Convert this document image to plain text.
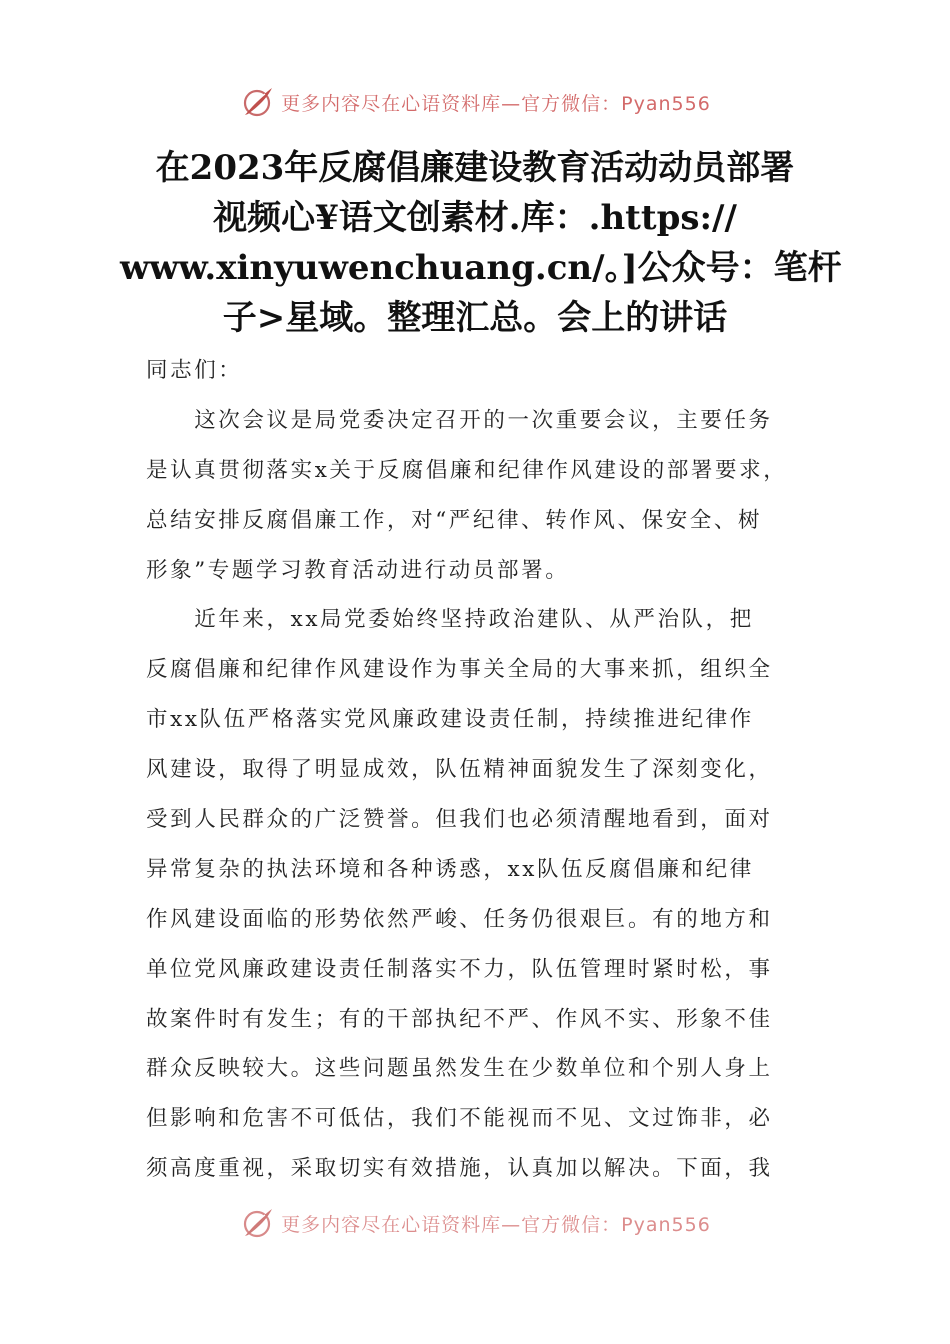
更多内容尽在心语资料库—官方微信：Pyan556
在2023年反腐倡廉建设教育活动动员部署
视频心¥语文创素材.库：.https://
www.xinyuwenchuang.cn/。]公众号：笔杆
子>星域。整理汇总。会上的讲话
同志们：
　　这次会议是局党委决定召开的一次重要会议，主要任务
是认真贯彻落实x关于反腐倡廉和纪律作风建设的部署要求，
总结安排反腐倡廉工作，对“严纪律、转作风、保安全、树
形象”专题学习教育活动进行动员部署。
　　近年来，xx局党委始终坚持政治建队、从严治队，把
反腐倡廉和纪律作风建设作为事关全局的大事来抓，组织全
市xx队伍严格落实党风廉政建设责任制，持续推进纪律作
风建设，取得了明显成效，队伍精神面貌发生了深刻变化，
受到人民群众的广泛赞誉。但我们也必须清醒地看到，面对
异常复杂的执法环境和各种诱惑，xx队伍反腐倡廉和纪律
作风建设面临的形势依然严峻、任务仍很艰巨。有的地方和
单位党风廉政建设责任制落实不力，队伍管理时紧时松，事
故案件时有发生；有的干部执纪不严、作风不实、形象不佳
群众反映较大。这些问题虽然发生在少数单位和个别人身上
但影响和危害不可低估，我们不能视而不见、文过饰非，必
须高度重视，采取切实有效措施，认真加以解决。下面，我
更多内容尽在心语资料库—官方微信：Pyan556
